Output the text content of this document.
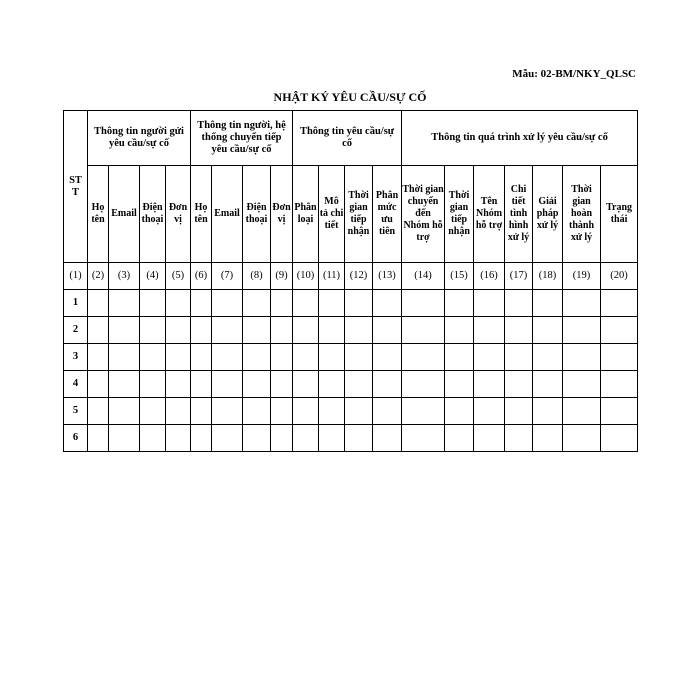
Mẫu: 02-BM/NKY_QLSC
NHẬT KÝ YÊU CẦU/SỰ CỐ
STT	Thông tin người gửi yêu cầu/sự cố				Thông tin người, hệ thống chuyển tiếp yêu cầu/sự cố				Thông tin yêu cầu/sự cố				Thông tin quá trình xử lý yêu cầu/sự cố						
	Họ tên	Email	Điện thoại	Đơn vị	Họ tên	Email	Điện thoại	Đơn vị	Phân loại	Mô tả chi tiết	Thời gian tiếp nhận	Phân mức ưu tiên	Thời gian chuyển đến Nhóm hỗ trợ	Thời gian tiếp nhận	Tên Nhóm hỗ trợ	Chi tiết tình hình xử lý	Giải pháp xử lý	Thời gian hoàn thành xử lý	Trạng thái
(1)	(2)	(3)	(4)	(5)	(6)	(7)	(8)	(9)	(10)	(11)	(12)	(13)	(14)	(15)	(16)	(17)	(18)	(19)	(20)
1																			
2																			
3																			
4																			
5																			
6																			
